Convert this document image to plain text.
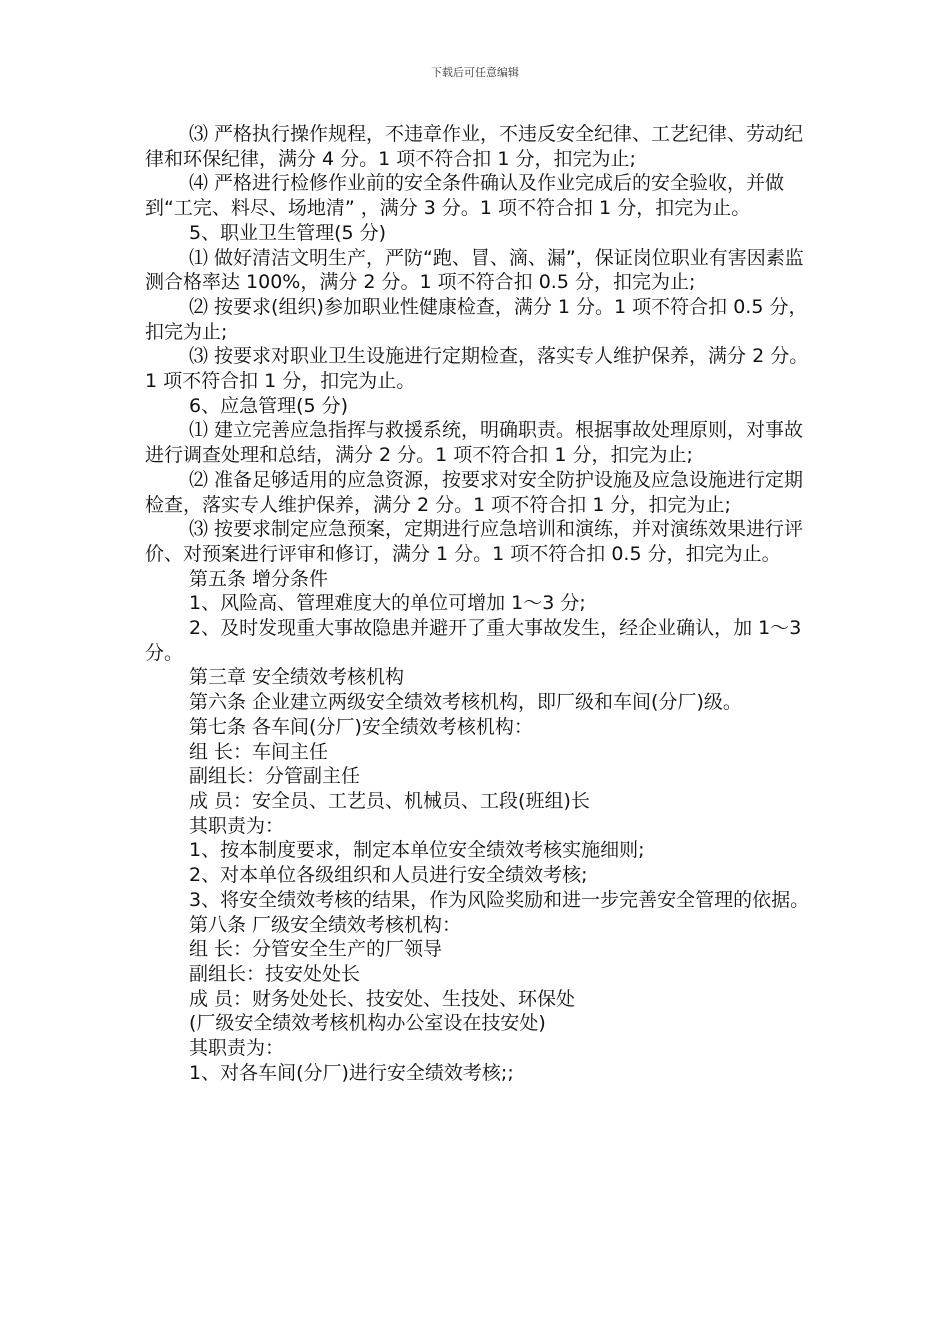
下载后可任意编辑

⑶ 严格执行操作规程，不违章作业，不违反安全纪律、工艺纪律、劳动纪律和环保纪律，满分 4 分。1 项不符合扣 1 分，扣完为止;

⑷ 严格进行检修作业前的安全条件确认及作业完成后的安全验收，并做到“工完、料尽、场地清” ，满分 3 分。1 项不符合扣 1 分，扣完为止。

5、职业卫生管理(5 分)

⑴ 做好清洁文明生产，严防“跑、冒、滴、漏”，保证岗位职业有害因素监测合格率达 100%，满分 2 分。1 项不符合扣 0.5 分，扣完为止;

⑵ 按要求(组织)参加职业性健康检查，满分 1 分。1 项不符合扣 0.5 分，扣完为止;

⑶ 按要求对职业卫生设施进行定期检查，落实专人维护保养，满分 2 分。1 项不符合扣 1 分，扣完为止。

6、应急管理(5 分)

⑴ 建立完善应急指挥与救援系统，明确职责。根据事故处理原则，对事故进行调查处理和总结，满分 2 分。1 项不符合扣 1 分，扣完为止;

⑵ 准备足够适用的应急资源，按要求对安全防护设施及应急设施进行定期检查，落实专人维护保养，满分 2 分。1 项不符合扣 1 分，扣完为止;

⑶ 按要求制定应急预案，定期进行应急培训和演练，并对演练效果进行评价、对预案进行评审和修订，满分 1 分。1 项不符合扣 0.5 分，扣完为止。

第五条 增分条件

1、风险高、管理难度大的单位可增加 1～3 分;

2、及时发现重大事故隐患并避开了重大事故发生，经企业确认，加 1～3 分。

第三章 安全绩效考核机构

第六条 企业建立两级安全绩效考核机构，即厂级和车间(分厂)级。

第七条 各车间(分厂)安全绩效考核机构：

组 长：车间主任

副组长：分管副主任

成 员：安全员、工艺员、机械员、工段(班组)长

其职责为：

1、按本制度要求，制定本单位安全绩效考核实施细则;

2、对本单位各级组织和人员进行安全绩效考核;

3、将安全绩效考核的结果，作为风险奖励和进一步完善安全管理的依据。

第八条 厂级安全绩效考核机构：

组 长：分管安全生产的厂领导

副组长：技安处处长

成 员：财务处处长、技安处、生技处、环保处

(厂级安全绩效考核机构办公室设在技安处)

其职责为：

1、对各车间(分厂)进行安全绩效考核;;
